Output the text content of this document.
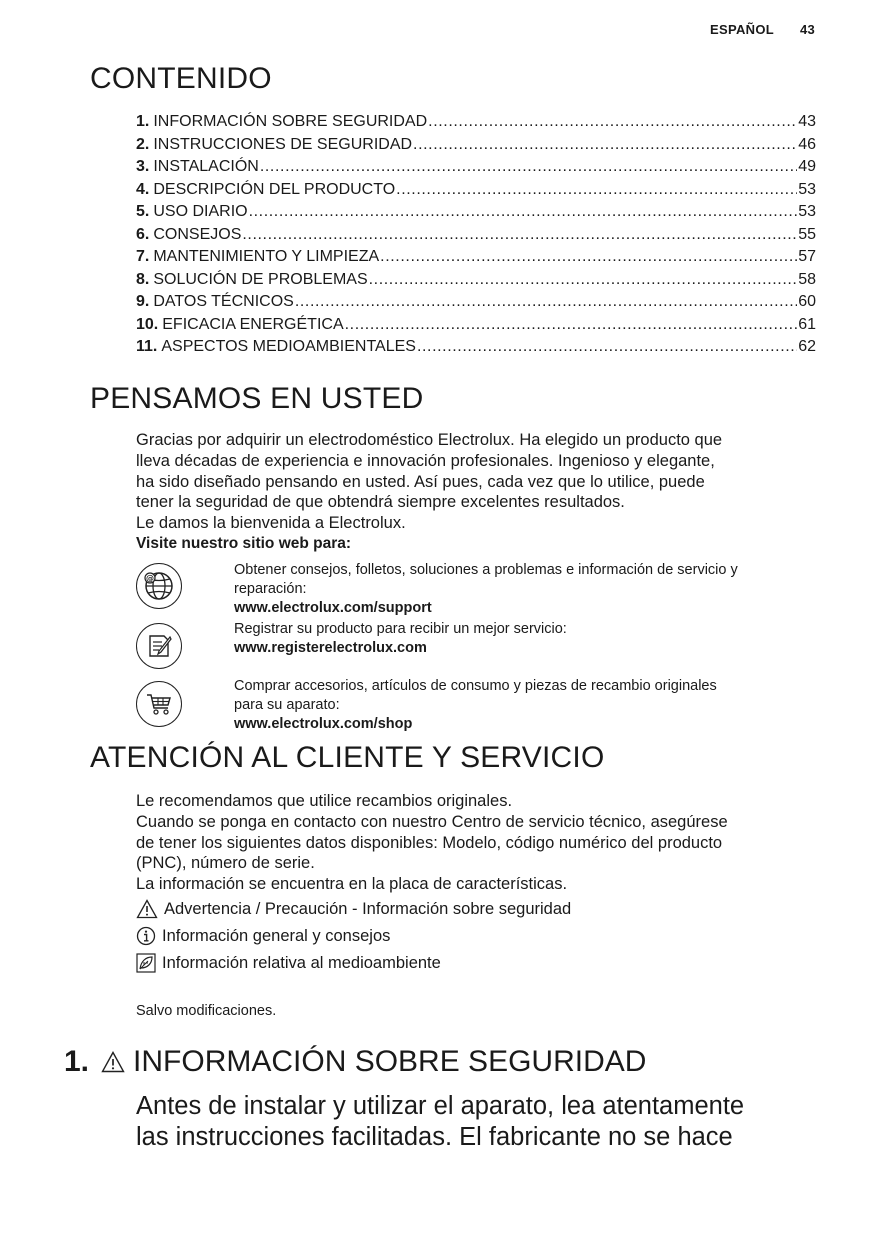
ESPAÑOL 43
CONTENIDO
1. INFORMACIÓN SOBRE SEGURIDAD .....	43
2. INSTRUCCIONES DE SEGURIDAD .....	46
3. INSTALACIÓN .....	49
4. DESCRIPCIÓN DEL PRODUCTO .....	53
5. USO DIARIO .....	53
6. CONSEJOS .....	55
7. MANTENIMIENTO Y LIMPIEZA .....	57
8. SOLUCIÓN DE PROBLEMAS .....	58
9. DATOS TÉCNICOS .....	60
10. EFICACIA ENERGÉTICA .....	61
11. ASPECTOS MEDIOAMBIENTALES .....	62
PENSAMOS EN USTED
Gracias por adquirir un electrodoméstico Electrolux. Ha elegido un producto que
lleva décadas de experiencia e innovación profesionales. Ingenioso y elegante,
ha sido diseñado pensando en usted. Así pues, cada vez que lo utilice, puede
tener la seguridad de que obtendrá siempre excelentes resultados.
Le damos la bienvenida a Electrolux.
Visite nuestro sitio web para:
@
Obtener consejos, folletos, soluciones a problemas e información de servicio y
reparación:
www.electrolux.com/support
Registrar su producto para recibir un mejor servicio:
www.registerelectrolux.com
Comprar accesorios, artículos de consumo y piezas de recambio originales
para su aparato:
www.electrolux.com/shop
ATENCIÓN AL CLIENTE Y SERVICIO
Le recomendamos que utilice recambios originales.
Cuando se ponga en contacto con nuestro Centro de servicio técnico, asegúrese
de tener los siguientes datos disponibles: Modelo, código numérico del producto
(PNC), número de serie.
La información se encuentra en la placa de características.
Advertencia / Precaución - Información sobre seguridad
Información general y consejos
Información relativa al medioambiente
Salvo modificaciones.
1. INFORMACIÓN SOBRE SEGURIDAD
Antes de instalar y utilizar el aparato, lea atentamente
las instrucciones facilitadas. El fabricante no se hace
